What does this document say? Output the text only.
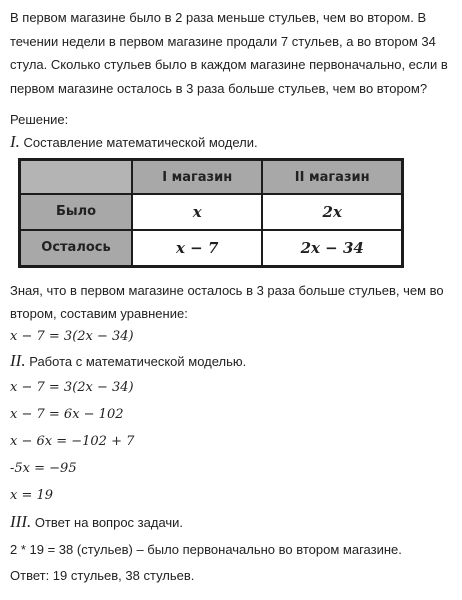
В первом магазине было в 2 раза меньше стульев, чем во втором. В течении недели в первом магазине продали 7 стульев, а во втором 34 стула. Сколько стульев было в каждом магазине первоначально, если в первом магазине осталось в 3 раза больше стульев, чем во втором?
Решение:
I. Составление математической модели.
	I магазин	II магазин
Было	x	2x
Осталось	x − 7	2x − 34
Зная, что в первом магазине осталось в 3 раза больше стульев, чем во
втором, составим уравнение:
x − 7 = 3(2x − 34)
II. Работа с математической моделью.
x − 7 = 3(2x − 34)
x − 7 = 6x − 102
x − 6x = −102 + 7
-5x = −95
x = 19
III. Ответ на вопрос задачи.
2 * 19 = 38 (стульев) – было первоначально во втором магазине.
Ответ: 19 стульев, 38 стульев.
